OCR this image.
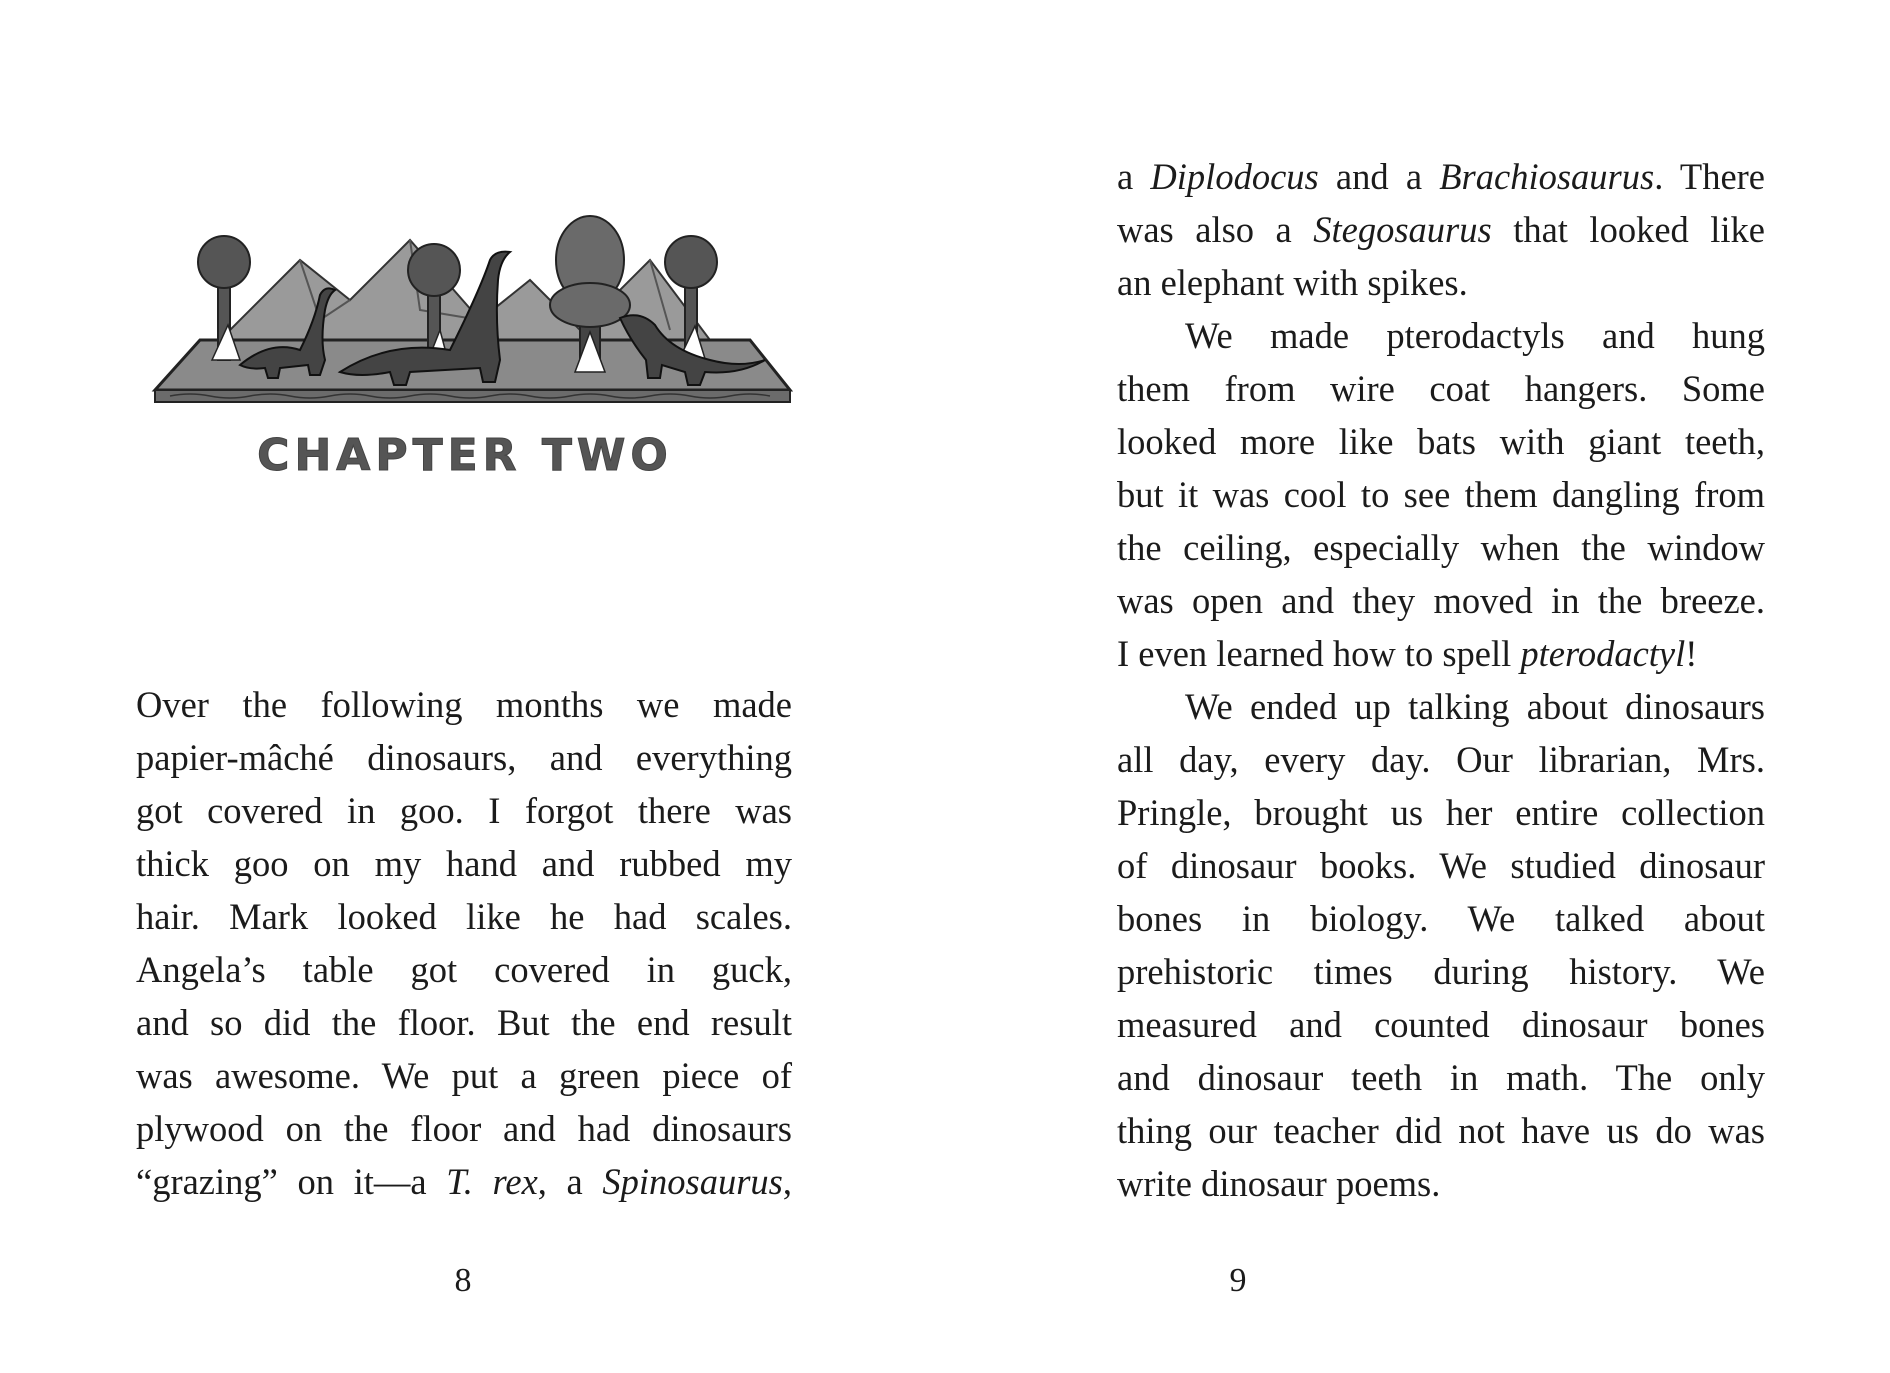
CHAPTER TWO
Over the following months we made
papier-mâché dinosaurs, and everything
got covered in goo. I forgot there was
thick goo on my hand and rubbed my
hair. Mark looked like he had scales.
Angela’s table got covered in guck,
and so did the floor. But the end result
was awesome. We put a green piece of
plywood on the floor and had dinosaurs
“grazing” on it—a T. rex, a Spinosaurus,
8
a Diplodocus and a Brachiosaurus. There
was also a Stegosaurus that looked like
an elephant with spikes.
We made pterodactyls and hung
them from wire coat hangers. Some
looked more like bats with giant teeth,
but it was cool to see them dangling from
the ceiling, especially when the window
was open and they moved in the breeze.
I even learned how to spell pterodactyl!
We ended up talking about dinosaurs
all day, every day. Our librarian, Mrs.
Pringle, brought us her entire collection
of dinosaur books. We studied dinosaur
bones in biology. We talked about
prehistoric times during history. We
measured and counted dinosaur bones
and dinosaur teeth in math. The only
thing our teacher did not have us do was
write dinosaur poems.
9
